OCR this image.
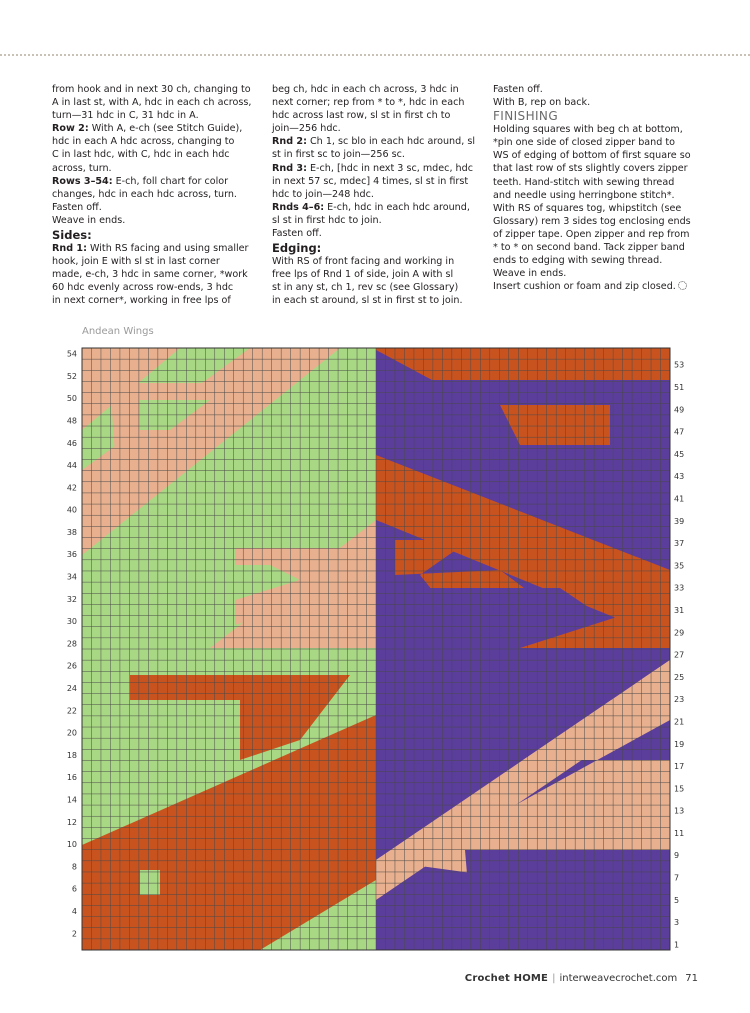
from hook and in next 30 ch, changing to

A in last st, with A, hdc in each ch across,

turn—31 hdc in C, 31 hdc in A.

Row 2: With A, e-ch (see Stitch Guide),

hdc in each A hdc across, changing to

C in last hdc, with C, hdc in each hdc

across, turn.

Rows 3–54: E-ch, foll chart for color

changes, hdc in each hdc across, turn.

Fasten off.

Weave in ends.

Sides:

Rnd 1: With RS facing and using smaller

hook, join E with sl st in last corner

made, e-ch, 3 hdc in same corner, *work

60 hdc evenly across row-ends, 3 hdc

in next corner*, working in free lps of

beg ch, hdc in each ch across, 3 hdc in

next corner; rep from * to *, hdc in each

hdc across last row, sl st in first ch to

join—256 hdc.

Rnd 2: Ch 1, sc blo in each hdc around, sl

st in first sc to join—256 sc.

Rnd 3: E-ch, [hdc in next 3 sc, mdec, hdc

in next 57 sc, mdec] 4 times, sl st in first

hdc to join—248 hdc.

Rnds 4–6: E-ch, hdc in each hdc around,

sl st in first hdc to join.

Fasten off.

Edging:

With RS of front facing and working in

free lps of Rnd 1 of side, join A with sl

st in any st, ch 1, rev sc (see Glossary)

in each st around, sl st in first st to join.

Fasten off.

With B, rep on back.

FINISHING

Holding squares with beg ch at bottom,

*pin one side of closed zipper band to

WS of edging of bottom of first square so

that last row of sts slightly covers zipper

teeth. Hand-stitch with sewing thread

and needle using herringbone stitch*.

With RS of squares tog, whipstitch (see

Glossary) rem 3 sides tog enclosing ends

of zipper tape. Open zipper and rep from

* to * on second band. Tack zipper band

ends to edging with sewing thread.

Weave in ends.

Insert cushion or foam and zip closed.

Andean Wings
54
52
50
48
46
44
42
40
38
36
34
32
30
28
26
24
22
20
18
16
14
12
10
8
6
4
2
53
51
49
47
45
43
41
39
37
35
33
31
29
27
25
23
21
19
17
15
13
11
9
7
5
3
1
Crochet HOME | interweavecrochet.com 71
